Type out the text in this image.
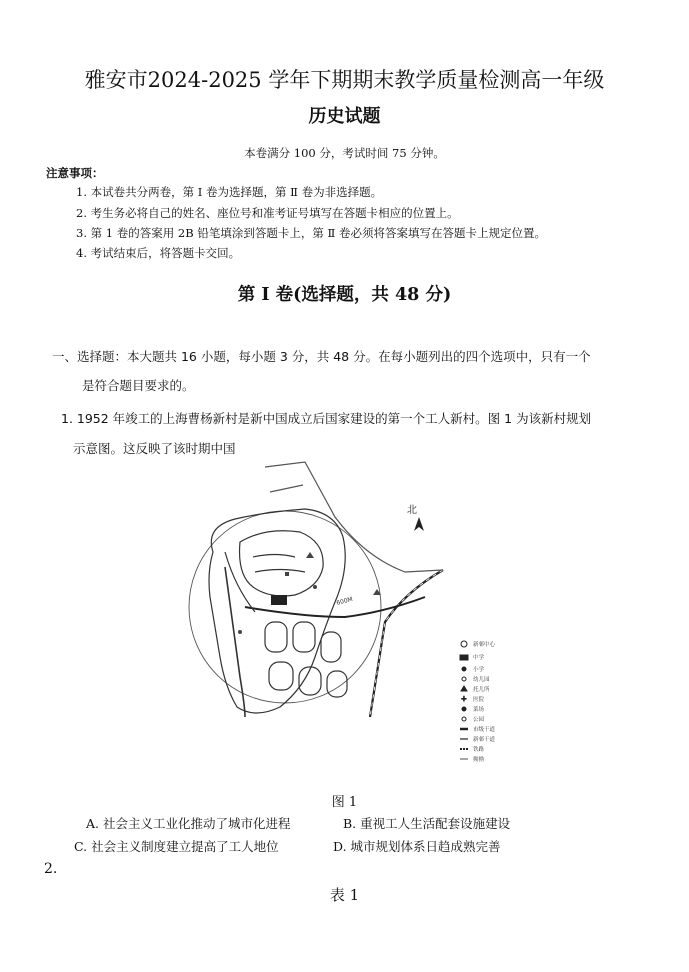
雅安市2024-2025 学年下期期末教学质量检测高一年级
历史试题
本卷满分 100 分，考试时间 75 分钟。
注意事项：
1. 本试卷共分两卷，第 Ⅰ 卷为选择题，第 Ⅱ 卷为非选择题。
2. 考生务必将自己的姓名、座位号和准考证号填写在答题卡相应的位置上。
3. 第 1 卷的答案用 2B 铅笔填涂到答题卡上，第 Ⅱ 卷必须将答案填写在答题卡上规定位置。
4. 考试结束后，将答题卡交回。
第 Ⅰ 卷(选择题，共 48 分)
一、选择题：本大题共 16 小题，每小题 3 分，共 48 分。在每小题列出的四个选项中，只有一个
是符合题目要求的。
1. 1952 年竣工的上海曹杨新村是新中国成立后国家建设的第一个工人新村。图 1 为该新村规划
示意图。这反映了该时期中国
北
600M
+
新邨中心
中学
小学
幼儿园
托儿所
医院
菜场
公园
市级干道
新邨干道
铁路
拗拗
图 1
A. 社会主义工业化推动了城市化进程	B. 重视工人生活配套设施建设
C. 社会主义制度建立提高了工人地位	D. 城市规划体系日趋成熟完善
2.
表 1
